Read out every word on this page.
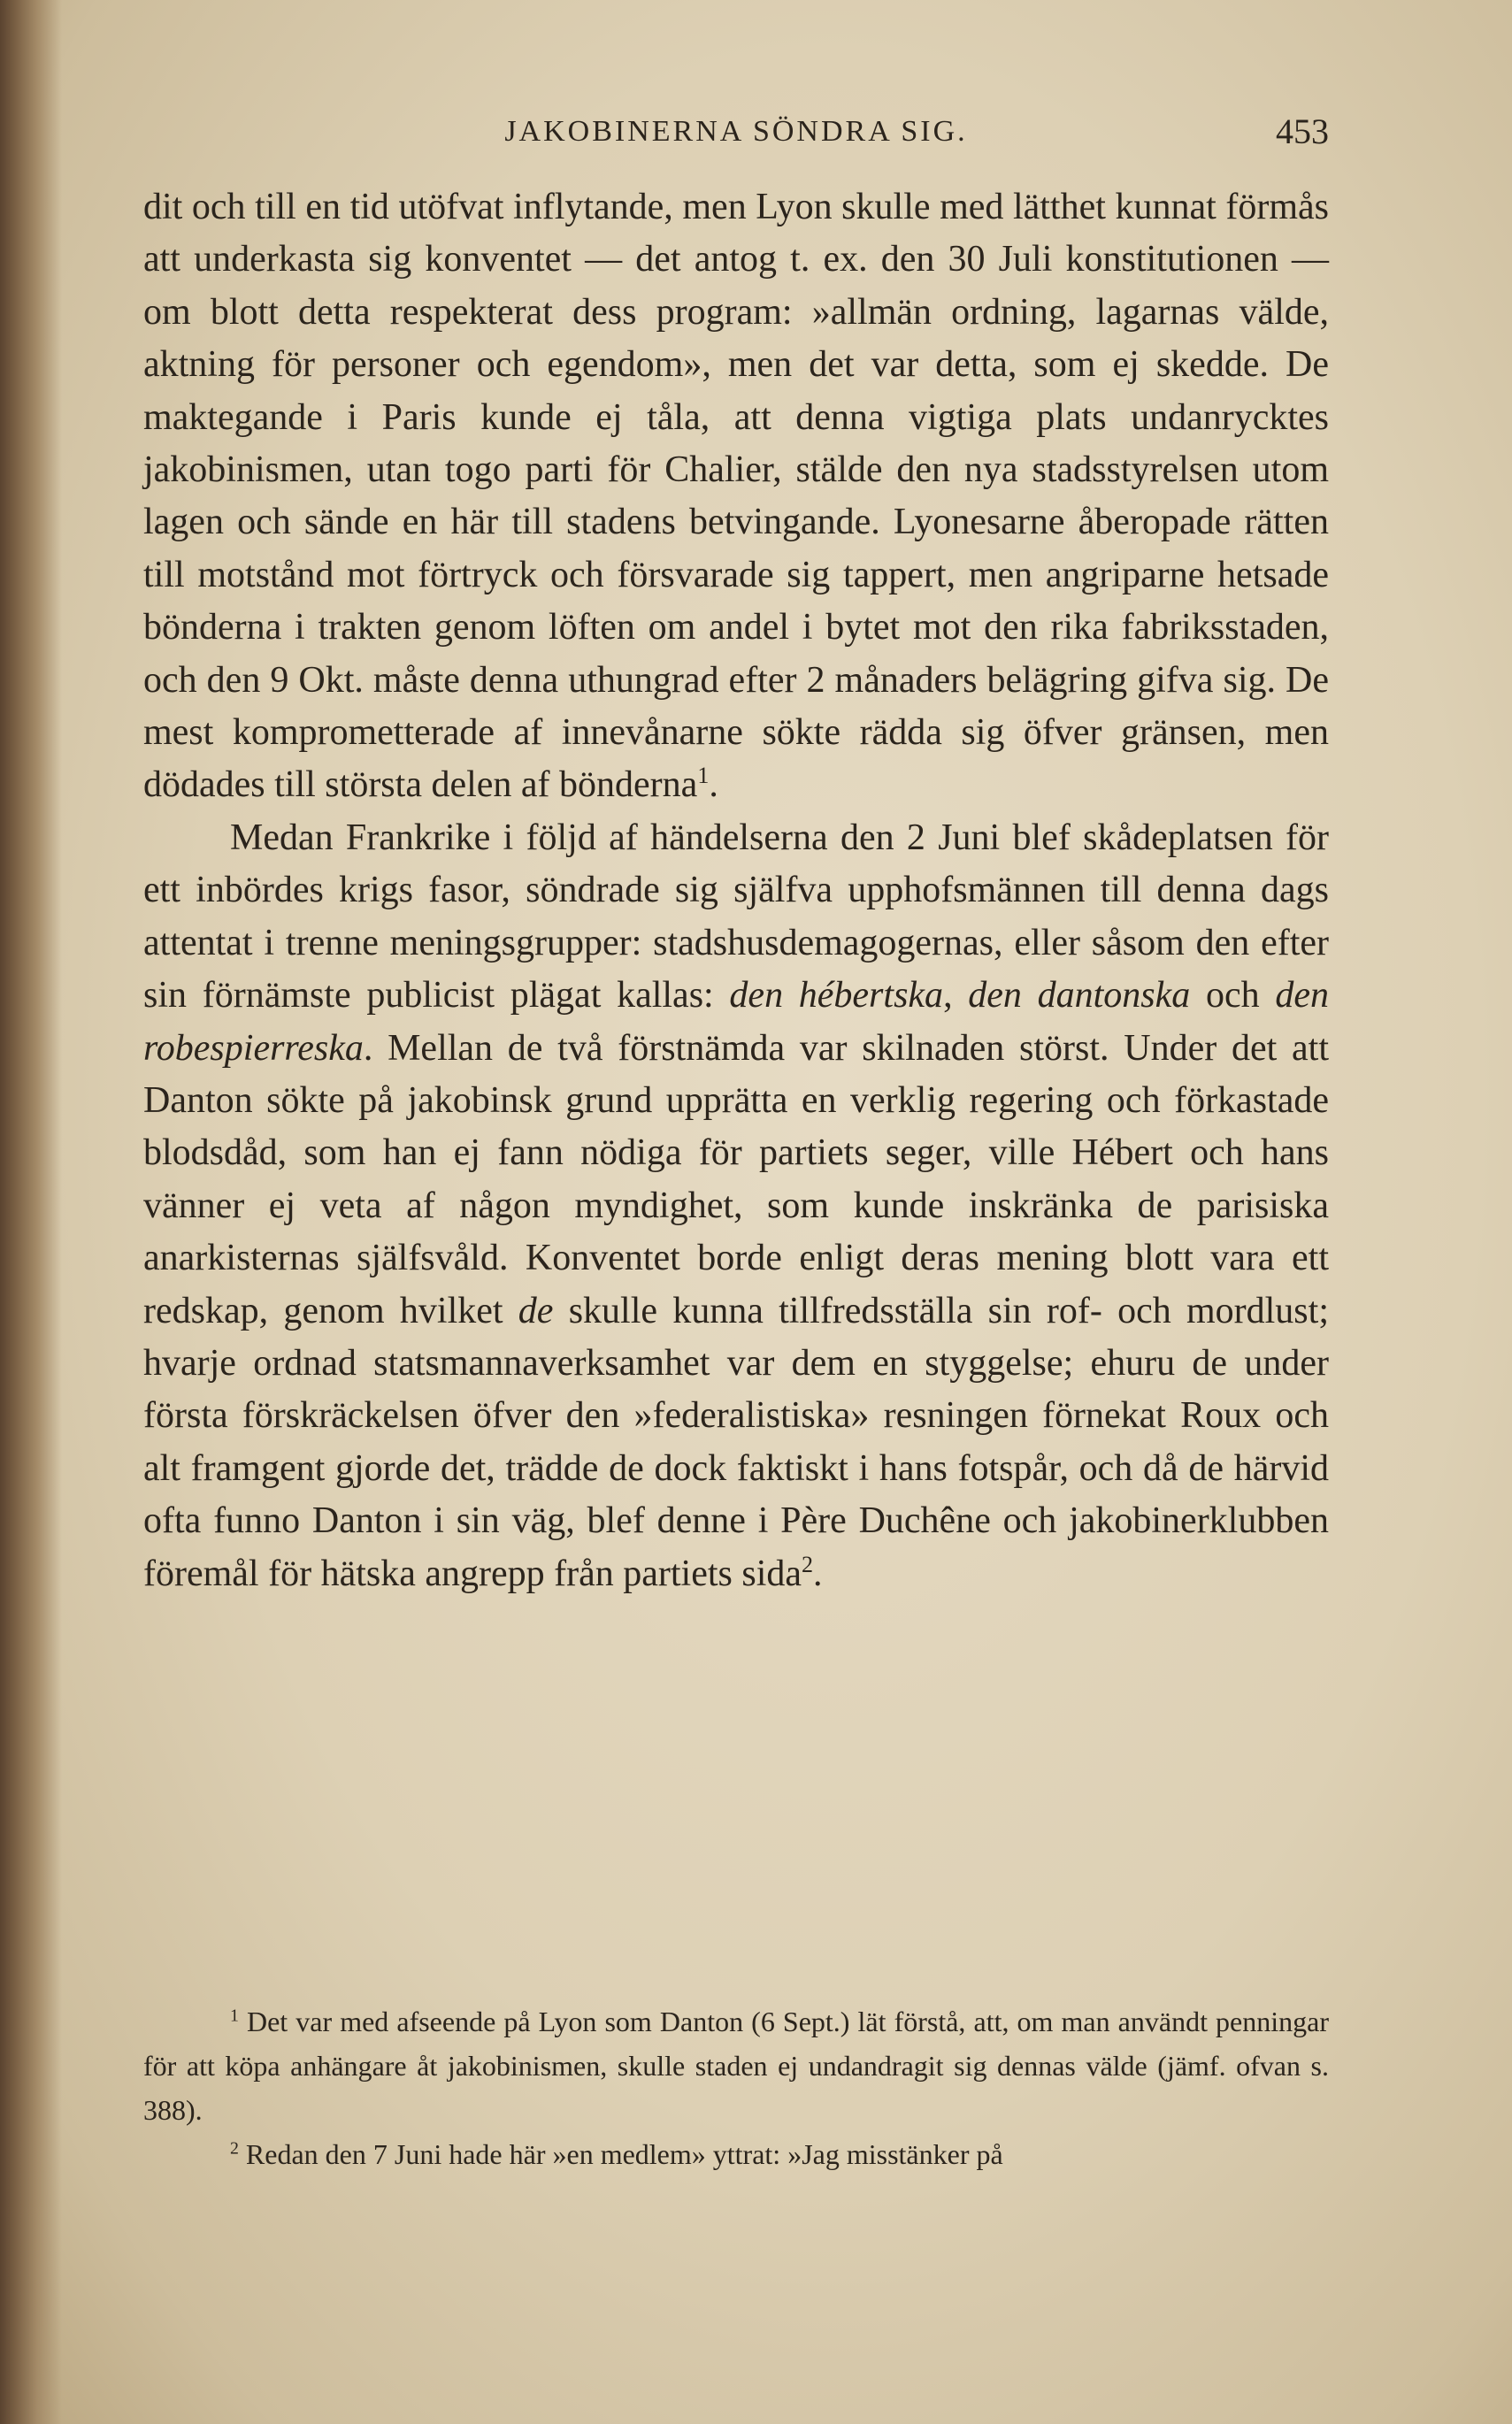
JAKOBINERNA SÖNDRA SIG.	453

dit och till en tid utöfvat inflytande, men Lyon skulle med lätthet kunnat förmås att underkasta sig konventet — det antog t. ex. den 30 Juli konstitutionen — om blott detta respekterat dess program: »allmän ordning, lagarnas välde, aktning för personer och egendom», men det var detta, som ej skedde. De maktegande i Paris kunde ej tåla, att denna vigtiga plats undanrycktes jakobinismen, utan togo parti för Chalier, stälde den nya stadsstyrelsen utom lagen och sände en här till stadens betvingande. Lyonesarne åberopade rätten till motstånd mot förtryck och försvarade sig tappert, men angriparne hetsade bönderna i trakten genom löften om andel i bytet mot den rika fabriksstaden, och den 9 Okt. måste denna uthungrad efter 2 månaders belägring gifva sig. De mest komprometterade af innevånarne sökte rädda sig öfver gränsen, men dödades till största delen af bönderna$^1$.

Medan Frankrike i följd af händelserna den 2 Juni blef skådeplatsen för ett inbördes krigs fasor, söndrade sig själfva upphofsmännen till denna dags attentat i trenne meningsgrupper: stadshusdemagogernas, eller såsom den efter sin förnämste publicist plägat kallas: den hébertska, den dantonska och den robespierreska. Mellan de två förstnämda var skilnaden störst. Under det att Danton sökte på jakobinsk grund upprätta en verklig regering och förkastade blodsdåd, som han ej fann nödiga för partiets seger, ville Hébert och hans vänner ej veta af någon myndighet, som kunde inskränka de parisiska anarkisternas själfsvåld. Konventet borde enligt deras mening blott vara ett redskap, genom hvilket de skulle kunna tillfredsställa sin rof- och mordlust; hvarje ordnad statsmannaverksamhet var dem en styggelse; ehuru de under första förskräckelsen öfver den »federalistiska» resningen förnekat Roux och alt framgent gjorde det, trädde de dock faktiskt i hans fotspår, och då de härvid ofta funno Danton i sin väg, blef denne i Père Duchêne och jakobinerklubben föremål för hätska angrepp från partiets sida$^2$.

$^1$ Det var med afseende på Lyon som Danton (6 Sept.) lät förstå, att, om man användt penningar för att köpa anhängare åt jakobinismen, skulle staden ej undandragit sig dennas välde (jämf. ofvan s. 388).

$^2$ Redan den 7 Juni hade här »en medlem» yttrat: »Jag misstänker på
